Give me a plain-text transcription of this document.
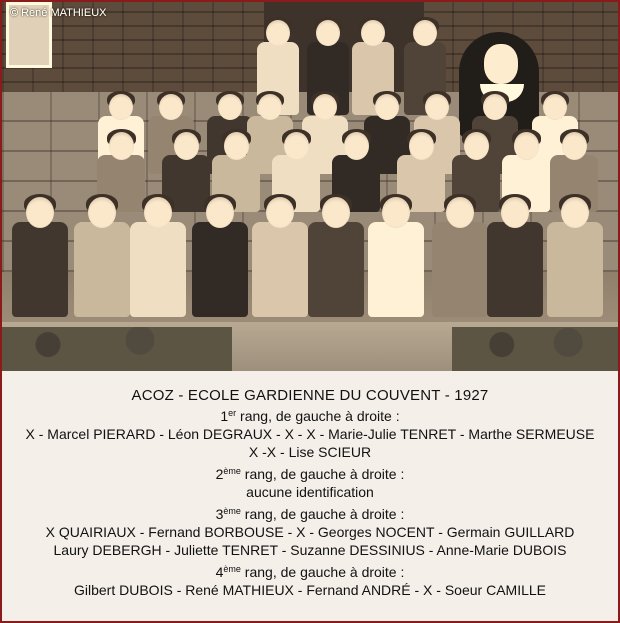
© René MATHIEUX
ACOZ - ECOLE GARDIENNE DU COUVENT - 1927
1er rang, de gauche à droite :
X - Marcel PIERARD - Léon DEGRAUX - X - X - Marie-Julie TENRET - Marthe SERMEUSE
X -X - Lise SCIEUR
2ème rang, de gauche à droite :
aucune identification
3ème rang, de gauche à droite :
X QUAIRIAUX - Fernand BORBOUSE - X - Georges NOCENT - Germain GUILLARD
Laury DEBERGH - Juliette TENRET - Suzanne DESSINIUS - Anne-Marie DUBOIS
4ème rang, de gauche à droite :
Gilbert DUBOIS - René MATHIEUX - Fernand ANDRÉ - X - Soeur CAMILLE
